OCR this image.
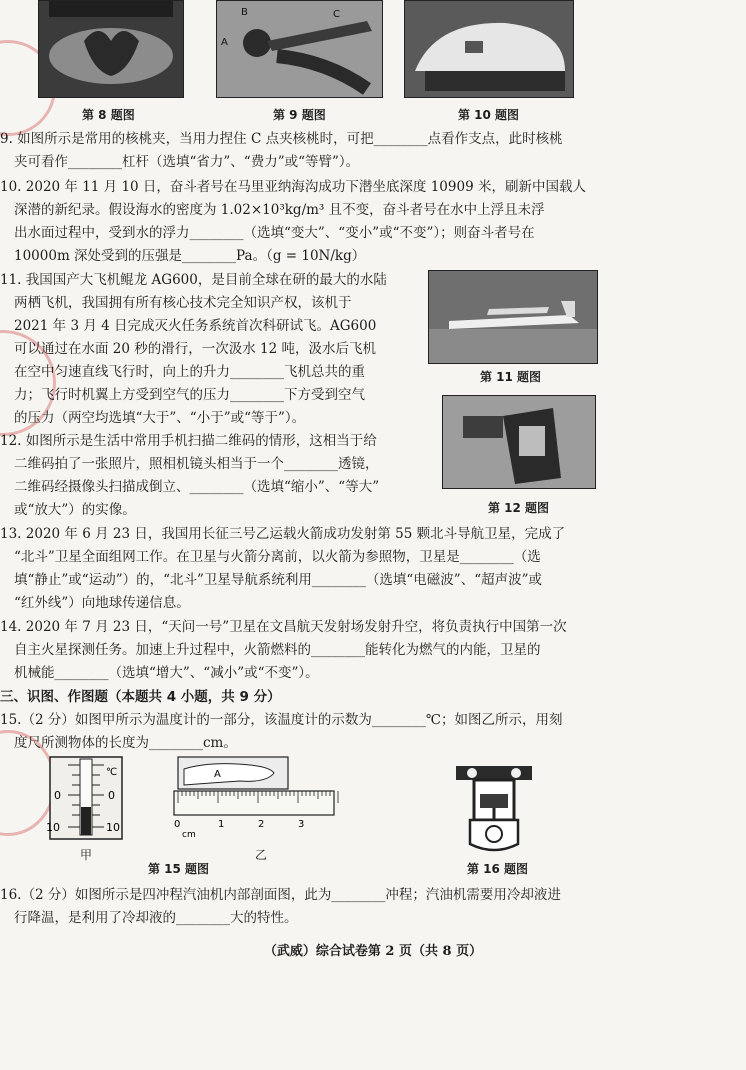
第 8 题图
B
A
C
第 9 题图	第 10 题图
第 11 题图
第 12 题图
9. 如图所示是常用的核桃夹，当用力捏住 C 点夹核桃时，可把________点看作支点，此时核桃
夹可看作________杠杆（选填“省力”、“费力”或“等臂”）。
10. 2020 年 11 月 10 日，奋斗者号在马里亚纳海沟成功下潜坐底深度 10909 米，刷新中国载人
深潜的新纪录。假设海水的密度为 1.02×10³kg/m³ 且不变，奋斗者号在水中上浮且未浮
出水面过程中，受到水的浮力________（选填“变大”、“变小”或“不变”）；则奋斗者号在
10000m 深处受到的压强是________Pa。（g = 10N/kg）
11. 我国国产大飞机鲲龙 AG600，是目前全球在研的最大的水陆
两栖飞机，我国拥有所有核心技术完全知识产权，该机于
2021 年 3 月 4 日完成灭火任务系统首次科研试飞。AG600
可以通过在水面 20 秒的滑行，一次汲水 12 吨，汲水后飞机
在空中匀速直线飞行时，向上的升力________飞机总共的重
力；飞行时机翼上方受到空气的压力________下方受到空气
的压力（两空均选填“大于”、“小于”或“等于”）。
12. 如图所示是生活中常用手机扫描二维码的情形，这相当于给
二维码拍了一张照片，照相机镜头相当于一个________透镜，
二维码经摄像头扫描成倒立、________（选填“缩小”、“等大”
或“放大”）的实像。
13. 2020 年 6 月 23 日，我国用长征三号乙运载火箭成功发射第 55 颗北斗导航卫星，完成了
“北斗”卫星全面组网工作。在卫星与火箭分离前，以火箭为参照物，卫星是________（选
填“静止”或“运动”）的，“北斗”卫星导航系统利用________（选填“电磁波”、“超声波”或
“红外线”）向地球传递信息。
14. 2020 年 7 月 23 日，“天问一号”卫星在文昌航天发射场发射升空，将负责执行中国第一次
自主火星探测任务。加速上升过程中，火箭燃料的________能转化为燃气的内能，卫星的
机械能________（选填“增大”、“减小”或“不变”）。
三、识图、作图题（本题共 4 小题，共 9 分）
15.（2 分）如图甲所示为温度计的一部分，该温度计的示数为________℃；如图乙所示，用刻
度尺所测物体的长度为________cm。
℃
0	0
10	10
甲
A
0
cm
1	2	3
乙
第 15 题图	第 16 题图
16.（2 分）如图所示是四冲程汽油机内部剖面图，此为________冲程；汽油机需要用冷却液进
行降温，是利用了冷却液的________大的特性。
（武威）综合试卷第 2 页（共 8 页）
